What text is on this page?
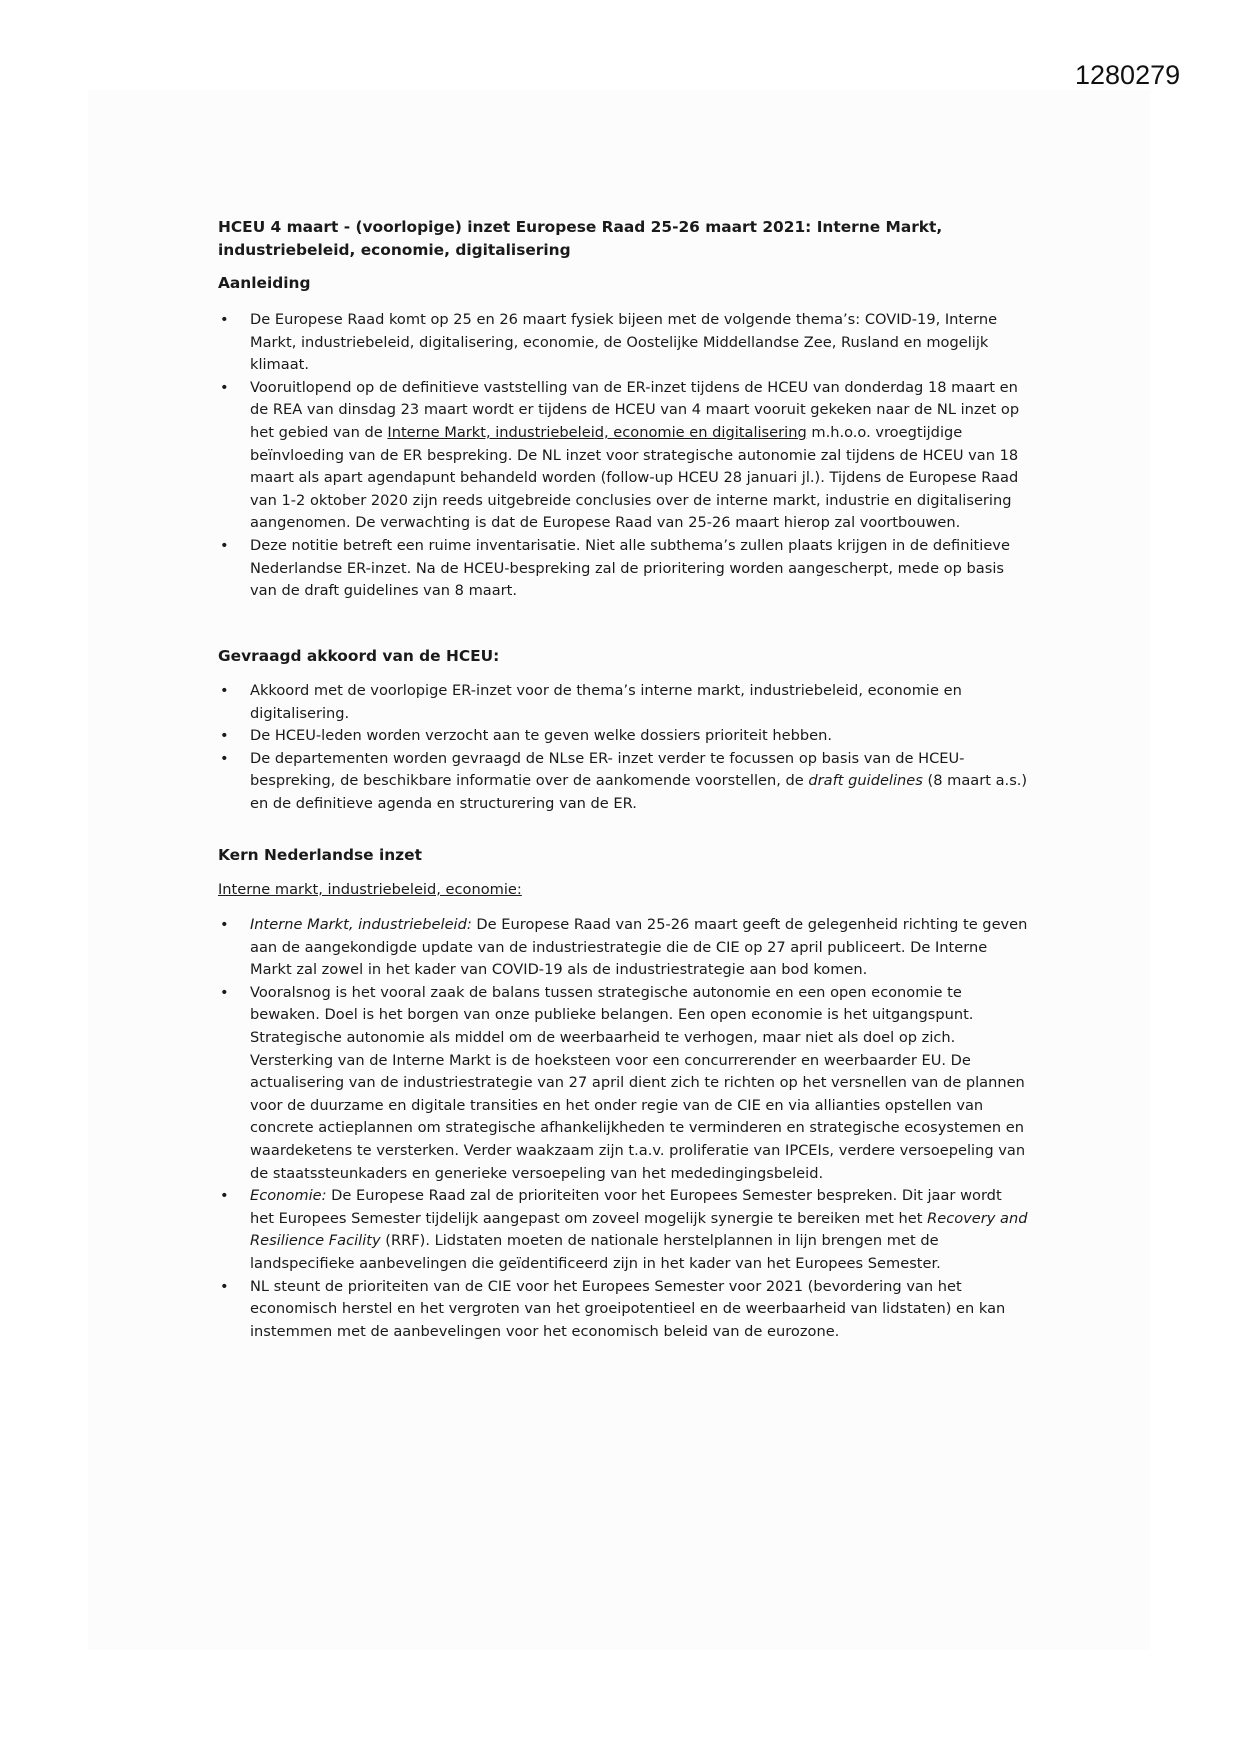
1280279
HCEU 4 maart - (voorlopige) inzet Europese Raad 25-26 maart 2021: Interne Markt, industriebeleid, economie, digitalisering
Aanleiding
• De Europese Raad komt op 25 en 26 maart fysiek bijeen met de volgende thema’s: COVID-19, Interne Markt, industriebeleid, digitalisering, economie, de Oostelijke Middellandse Zee, Rusland en mogelijk klimaat.
• Vooruitlopend op de definitieve vaststelling van de ER-inzet tijdens de HCEU van donderdag 18 maart en de REA van dinsdag 23 maart wordt er tijdens de HCEU van 4 maart vooruit gekeken naar de NL inzet op het gebied van de Interne Markt, industriebeleid, economie en digitalisering m.h.o.o. vroegtijdige beïnvloeding van de ER bespreking. De NL inzet voor strategische autonomie zal tijdens de HCEU van 18 maart als apart agendapunt behandeld worden (follow-up HCEU 28 januari jl.). Tijdens de Europese Raad van 1-2 oktober 2020 zijn reeds uitgebreide conclusies over de interne markt, industrie en digitalisering aangenomen. De verwachting is dat de Europese Raad van 25-26 maart hierop zal voortbouwen.
• Deze notitie betreft een ruime inventarisatie. Niet alle subthema’s zullen plaats krijgen in de definitieve Nederlandse ER-inzet. Na de HCEU-bespreking zal de prioritering worden aangescherpt, mede op basis van de draft guidelines van 8 maart.
Gevraagd akkoord van de HCEU:
• Akkoord met de voorlopige ER-inzet voor de thema’s interne markt, industriebeleid, economie en digitalisering.
• De HCEU-leden worden verzocht aan te geven welke dossiers prioriteit hebben.
• De departementen worden gevraagd de NLse ER- inzet verder te focussen op basis van de HCEU-bespreking, de beschikbare informatie over de aankomende voorstellen, de draft guidelines (8 maart a.s.) en de definitieve agenda en structurering van de ER.
Kern Nederlandse inzet
Interne markt, industriebeleid, economie:
• Interne Markt, industriebeleid: De Europese Raad van 25-26 maart geeft de gelegenheid richting te geven aan de aangekondigde update van de industriestrategie die de CIE op 27 april publiceert. De Interne Markt zal zowel in het kader van COVID-19 als de industriestrategie aan bod komen.
• Vooralsnog is het vooral zaak de balans tussen strategische autonomie en een open economie te bewaken. Doel is het borgen van onze publieke belangen. Een open economie is het uitgangspunt. Strategische autonomie als middel om de weerbaarheid te verhogen, maar niet als doel op zich. Versterking van de Interne Markt is de hoeksteen voor een concurrerender en weerbaarder EU. De actualisering van de industriestrategie van 27 april dient zich te richten op het versnellen van de plannen voor de duurzame en digitale transities en het onder regie van de CIE en via allianties opstellen van concrete actieplannen om strategische afhankelijkheden te verminderen en strategische ecosystemen en waardeketens te versterken. Verder waakzaam zijn t.a.v. proliferatie van IPCEIs, verdere versoepeling van de staatssteunkaders en generieke versoepeling van het mededingingsbeleid.
• Economie: De Europese Raad zal de prioriteiten voor het Europees Semester bespreken. Dit jaar wordt het Europees Semester tijdelijk aangepast om zoveel mogelijk synergie te bereiken met het Recovery and Resilience Facility (RRF). Lidstaten moeten de nationale herstelplannen in lijn brengen met de landspecifieke aanbevelingen die geïdentificeerd zijn in het kader van het Europees Semester.
• NL steunt de prioriteiten van de CIE voor het Europees Semester voor 2021 (bevordering van het economisch herstel en het vergroten van het groeipotentieel en de weerbaarheid van lidstaten) en kan instemmen met de aanbevelingen voor het economisch beleid van de eurozone.
